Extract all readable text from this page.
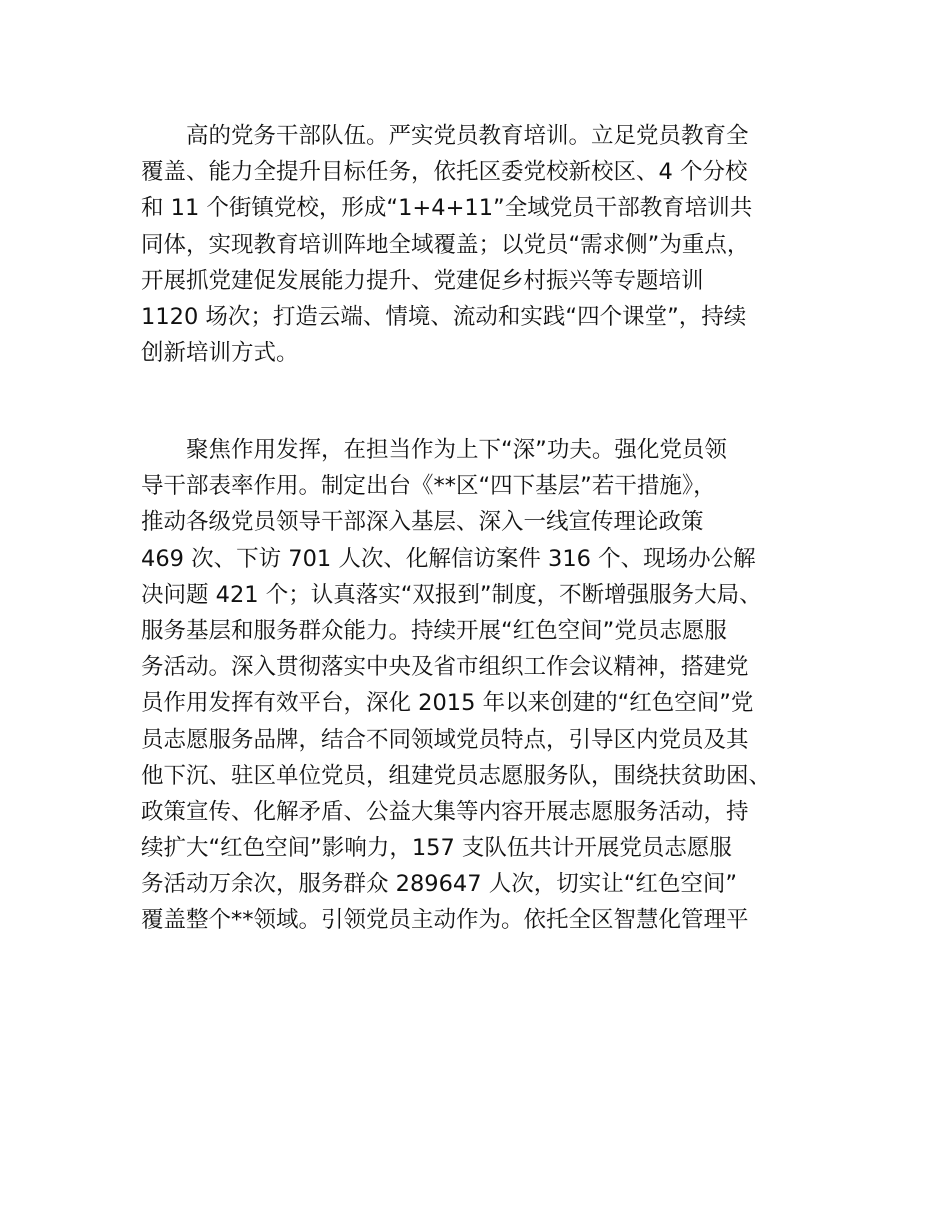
　　高的党务干部队伍。严实党员教育培训。立足党员教育全
覆盖、能力全提升目标任务，依托区委党校新校区、4 个分校
和 11 个街镇党校，形成“1+4+11”全域党员干部教育培训共
同体，实现教育培训阵地全域覆盖；以党员“需求侧”为重点，
开展抓党建促发展能力提升、党建促乡村振兴等专题培训
1120 场次；打造云端、情境、流动和实践“四个课堂”，持续
创新培训方式。
　　聚焦作用发挥，在担当作为上下“深”功夫。强化党员领
导干部表率作用。制定出台《**区“四下基层”若干措施》，
推动各级党员领导干部深入基层、深入一线宣传理论政策
469 次、下访 701 人次、化解信访案件 316 个、现场办公解
决问题 421 个；认真落实“双报到”制度，不断增强服务大局、
服务基层和服务群众能力。持续开展“红色空间”党员志愿服
务活动。深入贯彻落实中央及省市组织工作会议精神，搭建党
员作用发挥有效平台，深化 2015 年以来创建的“红色空间”党
员志愿服务品牌，结合不同领域党员特点，引导区内党员及其
他下沉、驻区单位党员，组建党员志愿服务队，围绕扶贫助困、
政策宣传、化解矛盾、公益大集等内容开展志愿服务活动，持
续扩大“红色空间”影响力，157 支队伍共计开展党员志愿服
务活动万余次，服务群众 289647 人次，切实让“红色空间”
覆盖整个**领域。引领党员主动作为。依托全区智慧化管理平
